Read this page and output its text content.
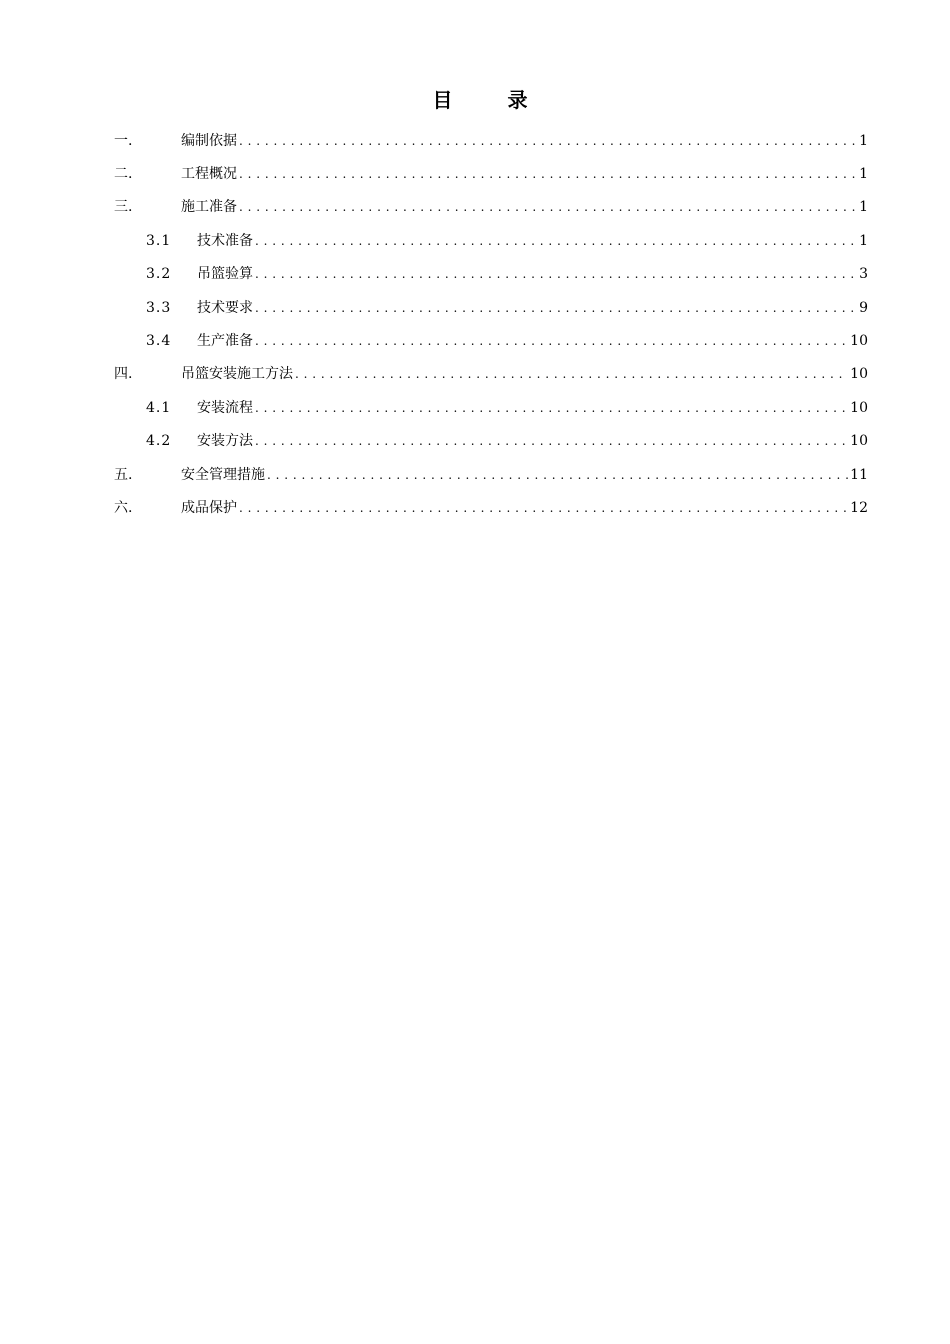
目 录
一.	编制依据 . . .	1
二.	工程概况 . . .	1
三.	施工准备 . . .	1
3.1	技术准备 . . .	1
3.2	吊篮验算 . . .	3
3.3	技术要求 . . .	9
3.4	生产准备 . . .	10
四.	吊篮安装施工方法 . . .	10
4.1	安装流程 . . .	10
4.2	安装方法 . . .	10
五.	安全管理措施 . . .	11
六.	成品保护 . . .	12
